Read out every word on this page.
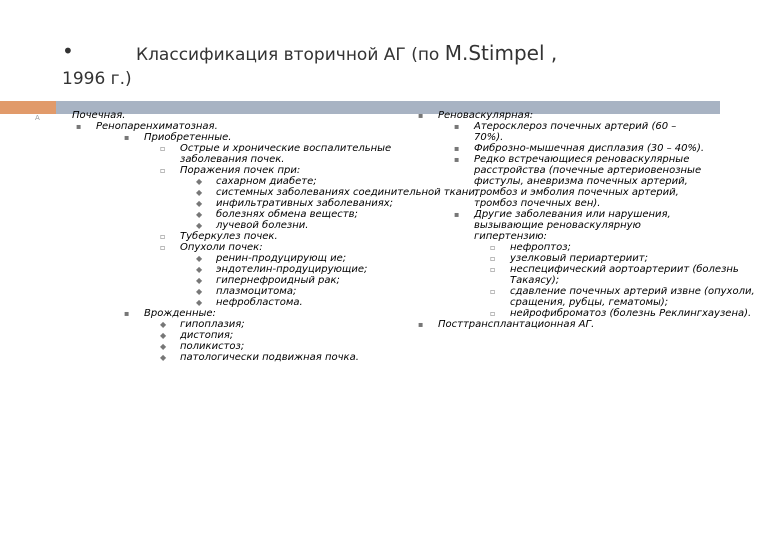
•	Классификация вторичной АГ (по M.Stimpel ,
1996 г.)
A	Почечная.
▪ Ренопаренхиматозная.
▪ Приобретенные.
▫ Острые и хронические воспалительные заболевания почек.
▫ Поражения почек при:
◆ сахарном диабете;
◆ системных заболеваниях соединительной ткани;
◆ инфильтративных заболеваниях;
◆ болезнях обмена веществ;
◆ лучевой болезни.
▫ Туберкулез почек.
▫ Опухоли почек:
◆ ренин-продуцирующ ие;
◆ эндотелин-продуцирующие;
◆ гипернефроидный рак;
◆ плазмоцитома;
◆ нефробластома.
▪ Врожденные:
◆ гипоплазия;
◆ дистопия;
◆ поликистоз;
◆ патологически подвижная почка.
▪ Реноваскулярная:
▪ Атеросклероз почечных артерий (60 – 70%).
▪ Фиброзно-мышечная дисплазия (30 – 40%).
▪ Редко встречающиеся реноваскулярные расстройства (почечные артериовенозные фистулы, аневризма почечных артерий, тромбоз и эмболия почечных артерий, тромбоз почечных вен).
▪ Другие заболевания или нарушения, вызывающие реноваскулярную гипертензию:
▫ нефроптоз;
▫ узелковый периартериит;
▫ неспецифический аортоартериит (болезнь Такаясу);
▫ сдавление почечных артерий извне (опухоли, сращения, рубцы, гематомы);
▫ нейрофиброматоз (болезнь Реклингхаузена).
▪ Посттрансплантационная АГ.
